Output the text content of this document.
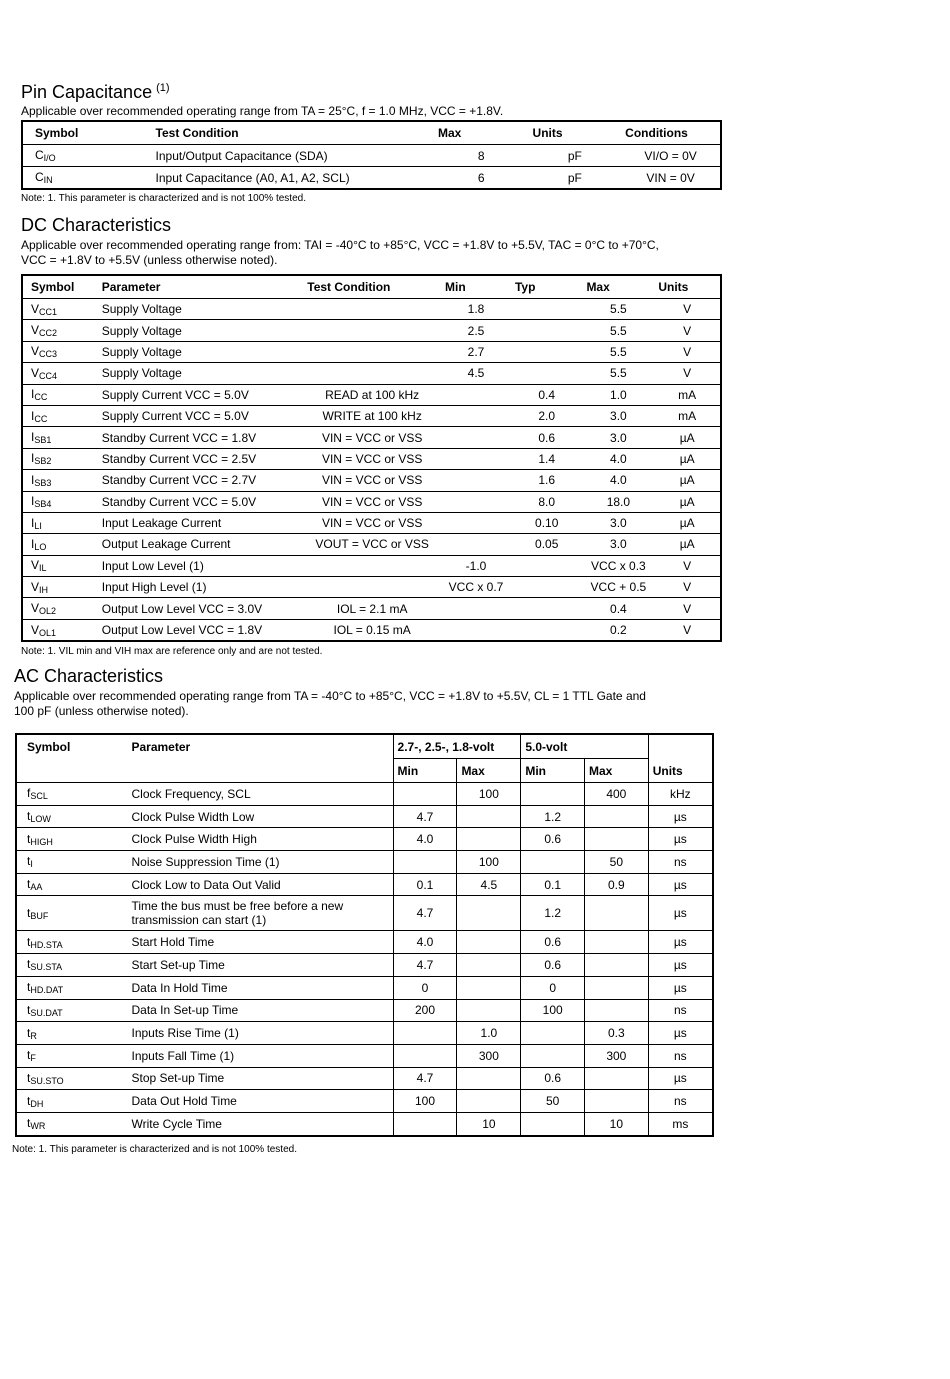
Pin Capacitance $^{(1)}$

Applicable over recommended operating range from TA = 25°C, f = 1.0 MHz, VCC = +1.8V.

Symbol	Test Condition	Max	Units	Conditions
$C_{I/O}$	Input/Output Capacitance (SDA)	8	pF	VI/O = 0V
$C_{IN}$	Input Capacitance (A0, A1, A2, SCL)	6	pF	VIN = 0V
Note: 1. This parameter is characterized and is not 100% tested.
DC Characteristics

Applicable over recommended operating range from: TAI = -40°C to +85°C, VCC = +1.8V to +5.5V, TAC = 0°C to +70°C,

VCC = +1.8V to +5.5V (unless otherwise noted).

Symbol	Parameter	Test Condition	Min	Typ	Max	Units
$V_{CC1}$	Supply Voltage		1.8		5.5	V
$V_{CC2}$	Supply Voltage		2.5		5.5	V
$V_{CC3}$	Supply Voltage		2.7		5.5	V
$V_{CC4}$	Supply Voltage		4.5		5.5	V
$I_{CC}$	Supply Current VCC = 5.0V	READ at 100 kHz		0.4	1.0	mA
$I_{CC}$	Supply Current VCC = 5.0V	WRITE at 100 kHz		2.0	3.0	mA
$I_{SB1}$	Standby Current VCC = 1.8V	VIN = VCC or VSS		0.6	3.0	µA
$I_{SB2}$	Standby Current VCC = 2.5V	VIN = VCC or VSS		1.4	4.0	µA
$I_{SB3}$	Standby Current VCC = 2.7V	VIN = VCC or VSS		1.6	4.0	µA
$I_{SB4}$	Standby Current VCC = 5.0V	VIN = VCC or VSS		8.0	18.0	µA
$I_{LI}$	Input Leakage Current	VIN = VCC or VSS		0.10	3.0	µA
$I_{LO}$	Output Leakage Current	VOUT = VCC or VSS		0.05	3.0	µA
$V_{IL}$	Input Low Level (1)		-1.0		VCC x 0.3	V
$V_{IH}$	Input High Level (1)		VCC x 0.7		VCC + 0.5	V
$V_{OL2}$	Output Low Level VCC = 3.0V	IOL = 2.1 mA			0.4	V
$V_{OL1}$	Output Low Level VCC = 1.8V	IOL = 0.15 mA			0.2	V
Note: 1. VIL min and VIH max are reference only and are not tested.
AC Characteristics

Applicable over recommended operating range from TA = -40°C to +85°C, VCC = +1.8V to +5.5V, CL = 1 TTL Gate and

100 pF (unless otherwise noted).

Symbol	Parameter	2.7-, 2.5-, 1.8-volt		5.0-volt		Units
		Min	Max	Min	Max	
$f_{SCL}$	Clock Frequency, SCL		100		400	kHz
$t_{LOW}$	Clock Pulse Width Low	4.7		1.2		µs
$t_{HIGH}$	Clock Pulse Width High	4.0		0.6		µs
$t_I$	Noise Suppression Time (1)		100		50	ns
$t_{AA}$	Clock Low to Data Out Valid	0.1	4.5	0.1	0.9	µs
$t_{BUF}$	Time the bus must be free before a new
transmission can start (1)	4.7		1.2		µs
$t_{HD.STA}$	Start Hold Time	4.0		0.6		µs
$t_{SU.STA}$	Start Set-up Time	4.7		0.6		µs
$t_{HD.DAT}$	Data In Hold Time	0		0		µs
$t_{SU.DAT}$	Data In Set-up Time	200		100		ns
$t_R$	Inputs Rise Time (1)		1.0		0.3	µs
$t_F$	Inputs Fall Time (1)		300		300	ns
$t_{SU.STO}$	Stop Set-up Time	4.7		0.6		µs
$t_{DH}$	Data Out Hold Time	100		50		ns
$t_{WR}$	Write Cycle Time		10		10	ms
Note: 1. This parameter is characterized and is not 100% tested.
